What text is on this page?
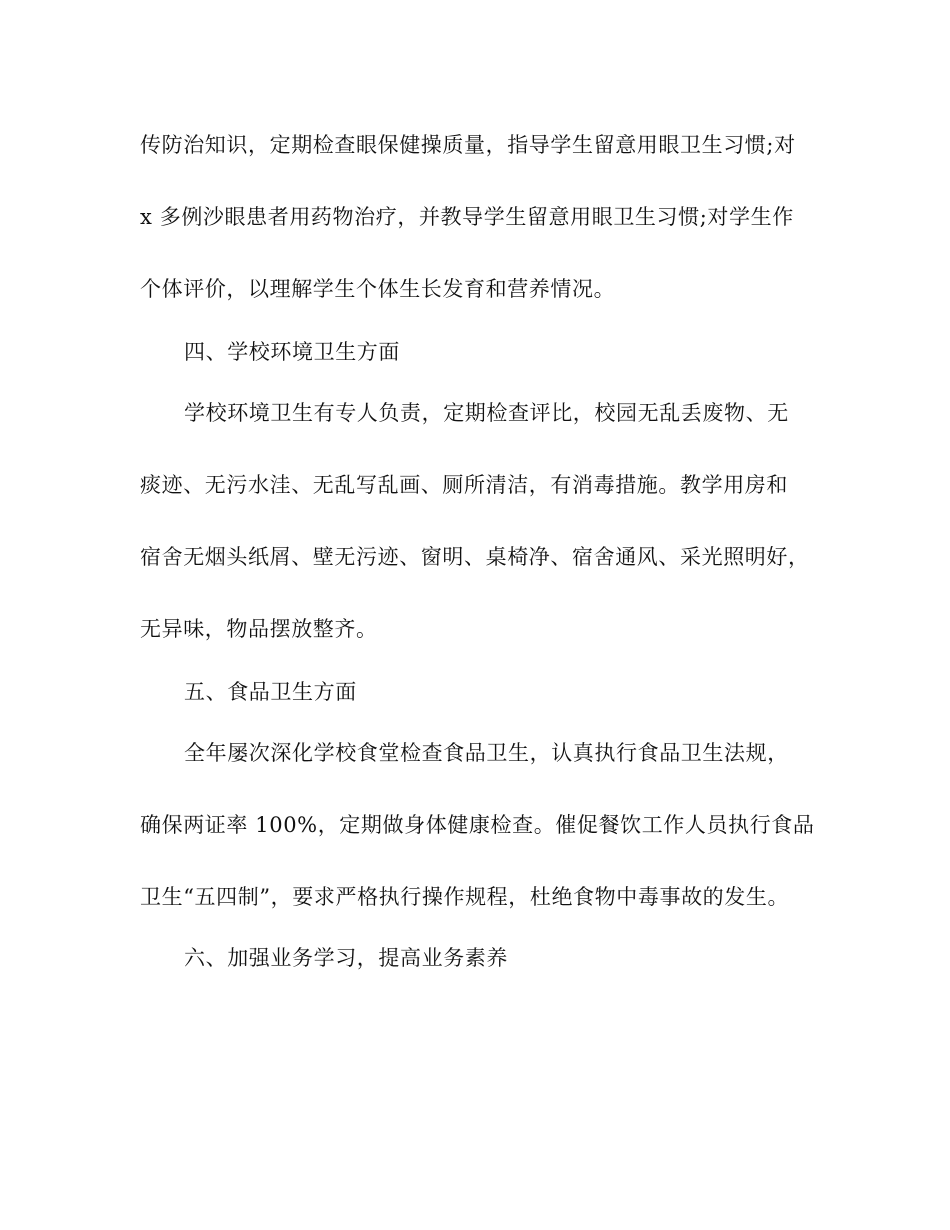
传防治知识，定期检查眼保健操质量，指导学生留意用眼卫生习惯;对
x 多例沙眼患者用药物治疗，并教导学生留意用眼卫生习惯;对学生作
个体评价，以理解学生个体生长发育和营养情况。
四、学校环境卫生方面
学校环境卫生有专人负责，定期检查评比，校园无乱丢废物、无
痰迹、无污水洼、无乱写乱画、厕所清洁，有消毒措施。教学用房和
宿舍无烟头纸屑、壁无污迹、窗明、桌椅净、宿舍通风、采光照明好，
无异味，物品摆放整齐。
五、食品卫生方面
全年屡次深化学校食堂检查食品卫生，认真执行食品卫生法规，
确保两证率 100%，定期做身体健康检查。催促餐饮工作人员执行食品
卫生“五四制”，要求严格执行操作规程，杜绝食物中毒事故的发生。
六、加强业务学习，提高业务素养
